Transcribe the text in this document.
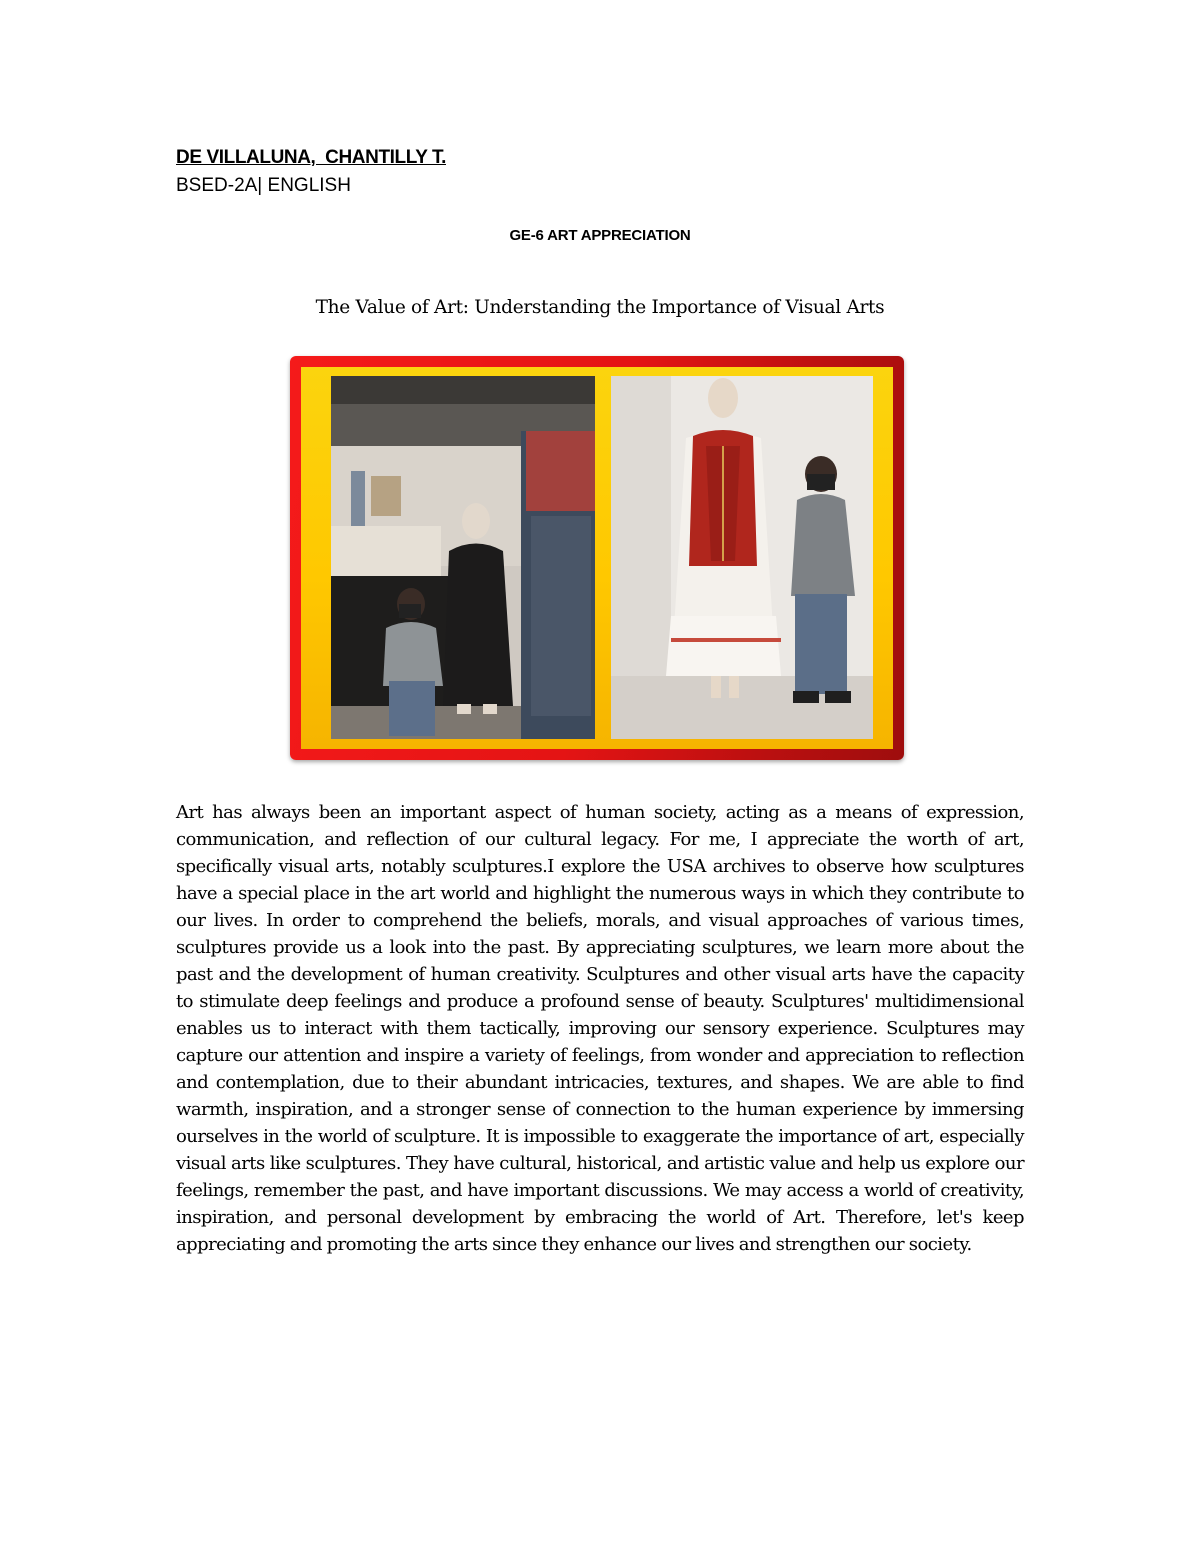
DE VILLALUNA,  CHANTILLY T.
BSED-2A| ENGLISH
GE-6 ART APPRECIATION
The Value of Art: Understanding the Importance of Visual Arts

Art has always been an important aspect of human society, acting as a means of expression, communication, and reflection of our cultural legacy. For me, I appreciate the worth of art, specifically visual arts, notably sculptures.I explore the USA archives to observe how sculptures have a special place in the art world and highlight the numerous ways in which they contribute to our lives. In order to comprehend the beliefs, morals, and visual approaches of various times, sculptures provide us a look into the past. By appreciating sculptures, we learn more about the past and the development of human creativity. Sculptures and other visual arts have the capacity to stimulate deep feelings and produce a profound sense of beauty. Sculptures' multidimensional enables us to interact with them tactically, improving our sensory experience. Sculptures may capture our attention and inspire a variety of feelings, from wonder and appreciation to reflection and contemplation, due to their abundant intricacies, textures, and shapes. We are able to find warmth, inspiration, and a stronger sense of connection to the human experience by immersing ourselves in the world of sculpture. It is impossible to exaggerate the importance of art, especially visual arts like sculptures. They have cultural, historical, and artistic value and help us explore our feelings, remember the past, and have important discussions. We may access a world of creativity, inspiration, and personal development by embracing the world of Art. Therefore, let's keep appreciating and promoting the arts since they enhance our lives and strengthen our society.
